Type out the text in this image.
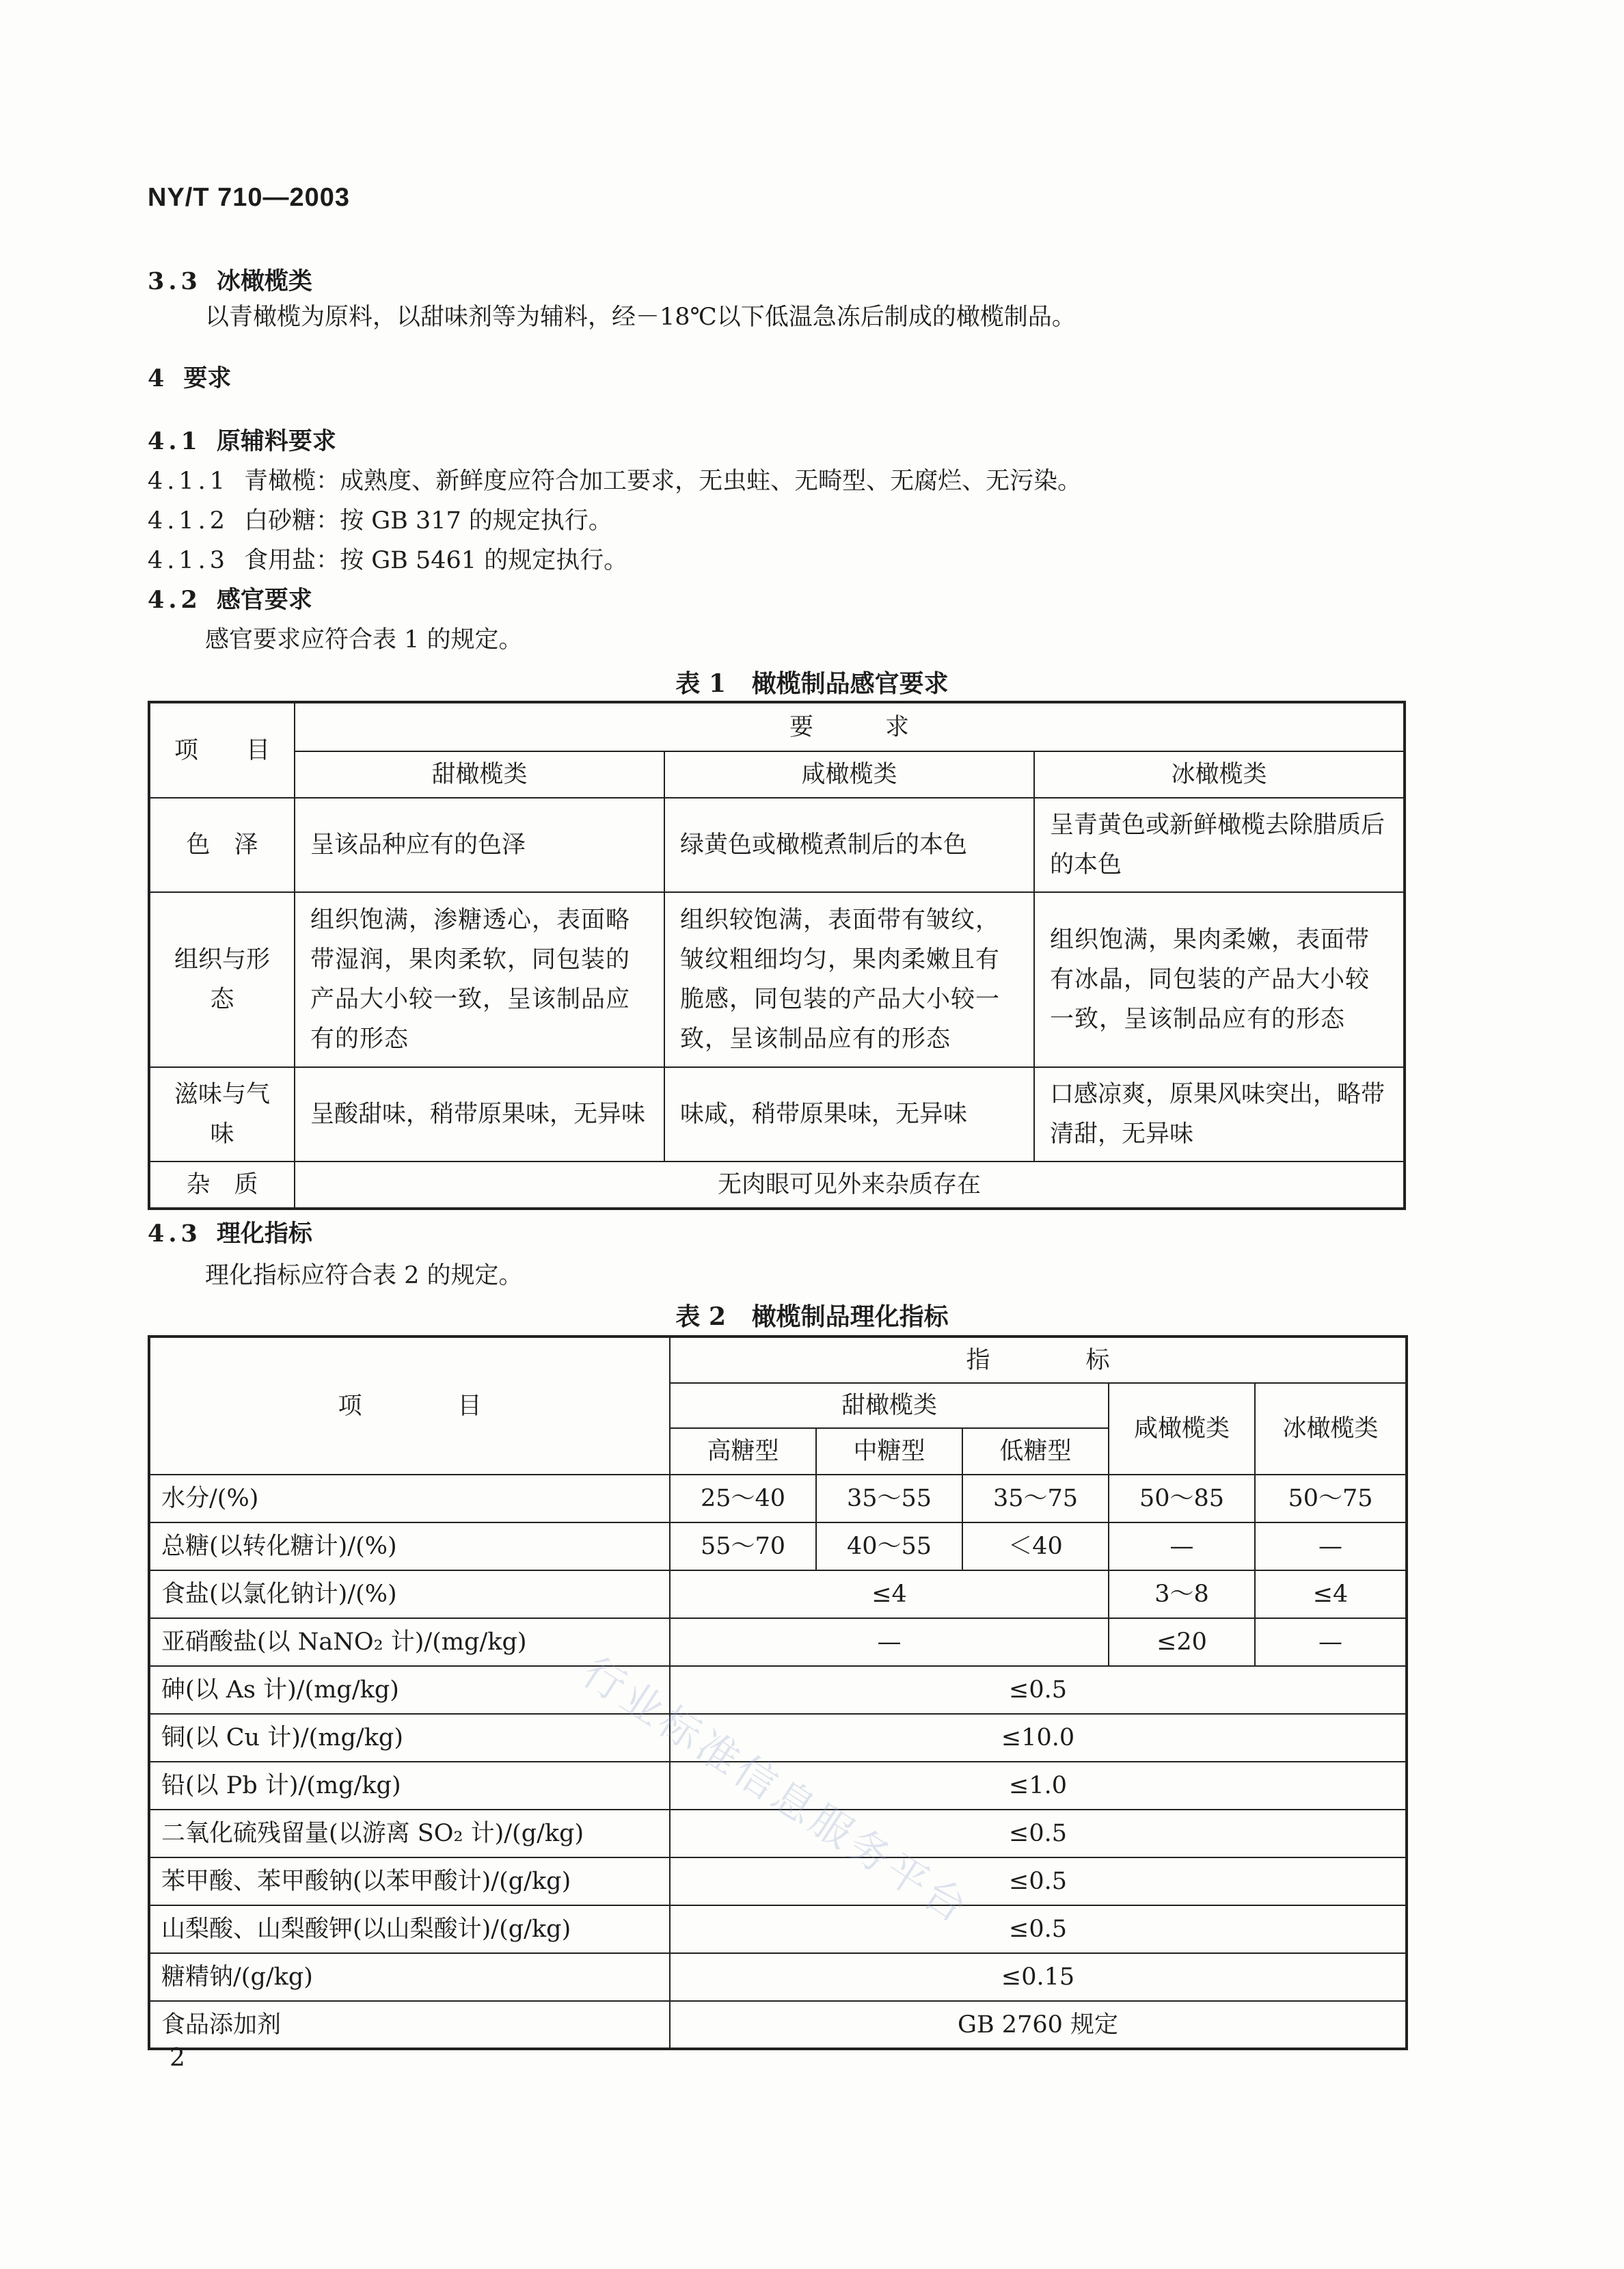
NY/T 710—2003
3.3 冰橄榄类
以青橄榄为原料，以甜味剂等为辅料，经－18℃以下低温急冻后制成的橄榄制品。
4 要求
4.1 原辅料要求
4.1.1 青橄榄：成熟度、新鲜度应符合加工要求，无虫蛀、无畸型、无腐烂、无污染。
4.1.2 白砂糖：按 GB 317 的规定执行。
4.1.3 食用盐：按 GB 5461 的规定执行。
4.2 感官要求
感官要求应符合表 1 的规定。
表 1   橄榄制品感官要求
项　　目	要　　　求		
	甜橄榄类	咸橄榄类	冰橄榄类
色　泽	呈该品种应有的色泽	绿黄色或橄榄煮制后的本色	呈青黄色或新鲜橄榄去除腊质后的本色
组织与形态	组织饱满，渗糖透心，表面略带湿润，果肉柔软，同包装的产品大小较一致，呈该制品应有的形态	组织较饱满，表面带有皱纹，皱纹粗细均匀，果肉柔嫩且有脆感，同包装的产品大小较一致，呈该制品应有的形态	组织饱满，果肉柔嫩，表面带有冰晶，同包装的产品大小较一致，呈该制品应有的形态
滋味与气味	呈酸甜味，稍带原果味，无异味	味咸，稍带原果味，无异味	口感凉爽，原果风味突出，略带清甜，无异味
杂　质	无肉眼可见外来杂质存在		
4.3 理化指标
理化指标应符合表 2 的规定。
表 2   橄榄制品理化指标
项　　　　目	指　　　　标				
	甜橄榄类			咸橄榄类	冰橄榄类
	高糖型	中糖型	低糖型		
水分/(%)	25～40	35～55	35～75	50～85	50～75
总糖(以转化糖计)/(%)	55～70	40～55	＜40	—	—
食盐(以氯化钠计)/(%)	≤4			3～8	≤4
亚硝酸盐(以 NaNO₂ 计)/(mg/kg)	—			≤20	—
砷(以 As 计)/(mg/kg)	≤0.5				
铜(以 Cu 计)/(mg/kg)	≤10.0				
铅(以 Pb 计)/(mg/kg)	≤1.0				
二氧化硫残留量(以游离 SO₂ 计)/(g/kg)	≤0.5				
苯甲酸、苯甲酸钠(以苯甲酸计)/(g/kg)	≤0.5				
山梨酸、山梨酸钾(以山梨酸计)/(g/kg)	≤0.5				
糖精钠/(g/kg)	≤0.15				
食品添加剂	GB 2760 规定				
行业标准信息服务平台
2
